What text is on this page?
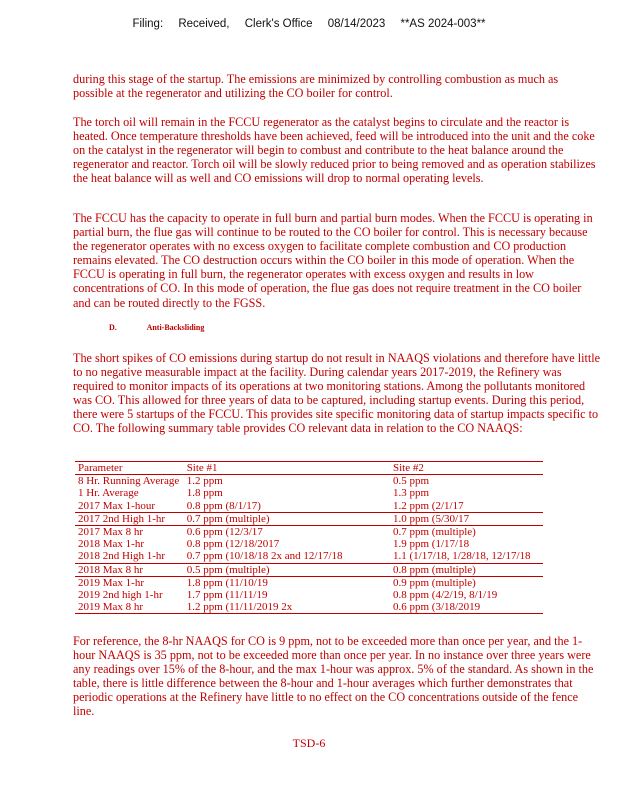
Filing: Received, Clerk's Office 08/14/2023 **AS 2024-003**

during this stage of the startup. The emissions are minimized by controlling combustion as much as possible at the regenerator and utilizing the CO boiler for control.

The torch oil will remain in the FCCU regenerator as the catalyst begins to circulate and the reactor is heated. Once temperature thresholds have been achieved, feed will be introduced into the unit and the coke on the catalyst in the regenerator will begin to combust and contribute to the heat balance around the regenerator and reactor. Torch oil will be slowly reduced prior to being removed and as operation stabilizes the heat balance will as well and CO emissions will drop to normal operating levels.

The FCCU has the capacity to operate in full burn and partial burn modes. When the FCCU is operating in partial burn, the flue gas will continue to be routed to the CO boiler for control. This is necessary because the regenerator operates with no excess oxygen to facilitate complete combustion and CO production remains elevated. The CO destruction occurs within the CO boiler in this mode of operation. When the FCCU is operating in full burn, the regenerator operates with excess oxygen and results in low concentrations of CO. In this mode of operation, the flue gas does not require treatment in the CO boiler and can be routed directly to the FGSS.

D.	Anti-Backsliding

The short spikes of CO emissions during startup do not result in NAAQS violations and therefore have little to no negative measurable impact at the facility. During calendar years 2017-2019, the Refinery was required to monitor impacts of its operations at two monitoring stations. Among the pollutants monitored was CO. This allowed for three years of data to be captured, including startup events. During this period, there were 5 startups of the FCCU. This provides site specific monitoring data of startup impacts specific to CO. The following summary table provides CO relevant data in relation to the CO NAAQS:

Parameter	Site #1	Site #2
8 Hr. Running Average	1.2 ppm	0.5 ppm
1 Hr. Average	1.8 ppm	1.3 ppm
2017 Max 1-hour	0.8 ppm (8/1/17)	1.2 ppm (2/1/17
2017 2nd High 1-hr	0.7 ppm (multiple)	1.0 ppm (5/30/17
2017 Max 8 hr	0.6 ppm (12/3/17	0.7 ppm (multiple)
2018 Max 1-hr	0.8 ppm (12/18/2017	1.9 ppm (1/17/18
2018 2nd High 1-hr	0.7 ppm (10/18/18 2x and 12/17/18	1.1 (1/17/18, 1/28/18, 12/17/18
2018 Max 8 hr	0.5 ppm (multiple)	0.8 ppm (multiple)
2019 Max 1-hr	1.8 ppm (11/10/19	0.9 ppm (multiple)
2019 2nd high 1-hr	1.7 ppm (11/11/19	0.8 ppm (4/2/19, 8/1/19
2019 Max 8 hr	1.2 ppm (11/11/2019 2x	0.6 ppm (3/18/2019

For reference, the 8-hr NAAQS for CO is 9 ppm, not to be exceeded more than once per year, and the 1-hour NAAQS is 35 ppm, not to be exceeded more than once per year. In no instance over three years were any readings over 15% of the 8-hour, and the max 1-hour was approx. 5% of the standard. As shown in the table, there is little difference between the 8-hour and 1-hour averages which further demonstrates that periodic operations at the Refinery have little to no effect on the CO concentrations outside of the fence line.

TSD-6
